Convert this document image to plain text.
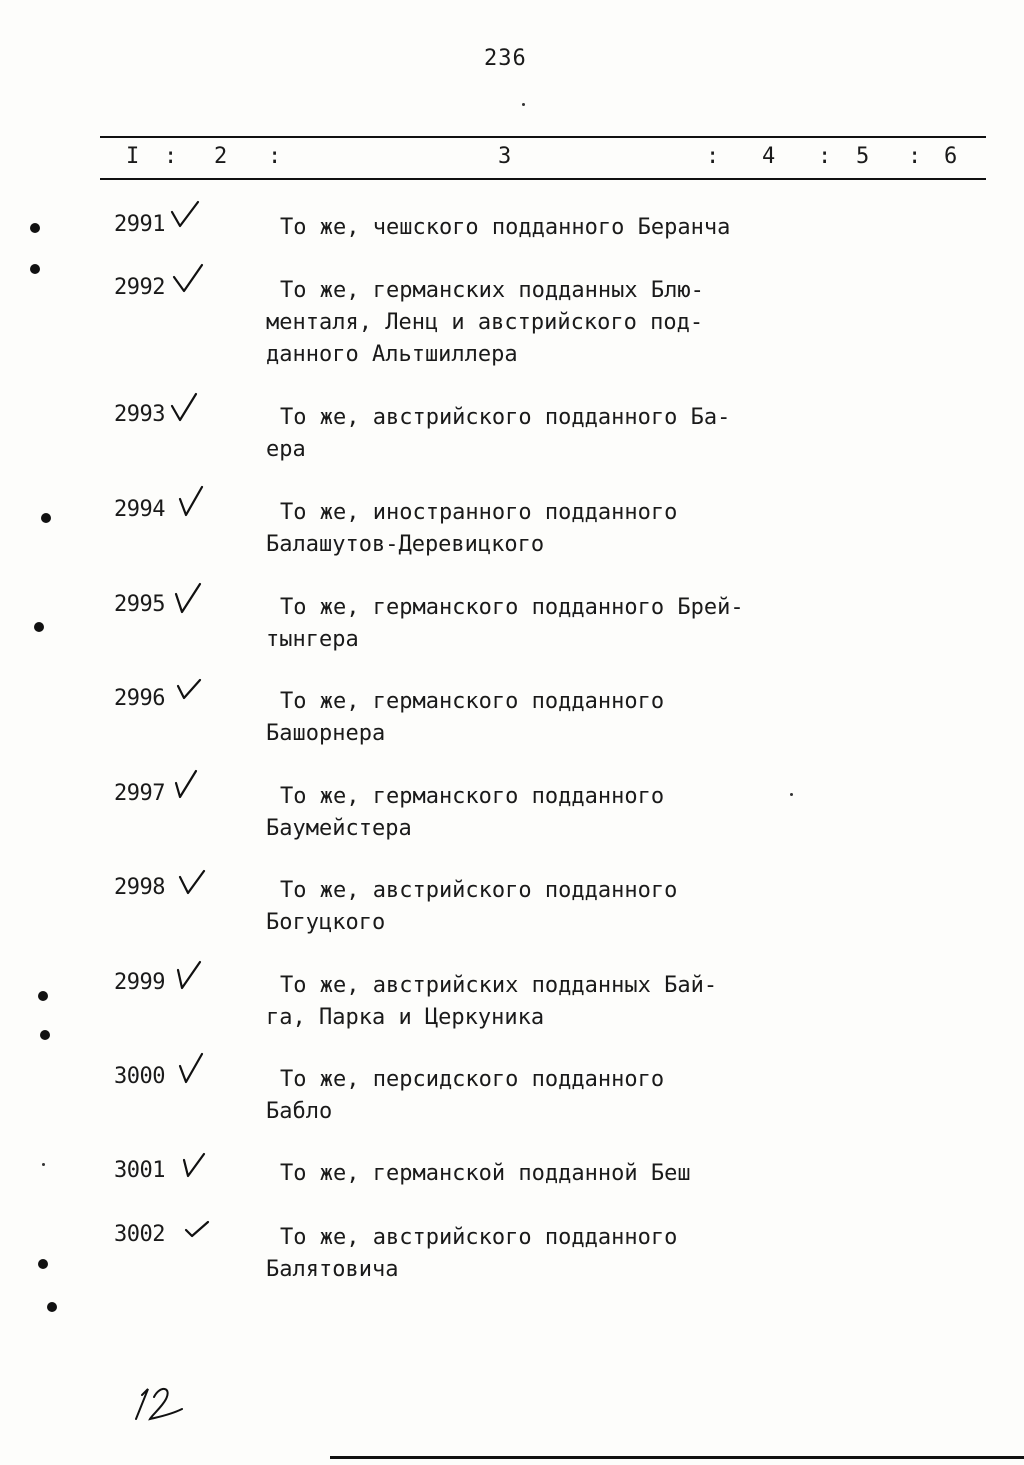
236
I : 2 :	3	: 4 : 5 : 6
2991	То же, чешского подданного Беранча
2992	То же, германских подданных Блю-
менталя, Ленц и австрийского под-
данного Альтшиллера
2993	То же, австрийского подданного Ба-
ера
2994	То же, иностранного подданного
Балашутов-Деревицкого
2995	То же, германского подданного Брей-
тынгера
2996	То же, германского подданного
Башорнера
2997	То же, германского подданного
Баумейстера
2998	То же, австрийского подданного
Богуцкого
2999	То же, австрийских подданных Бай-
га, Парка и Церкуника
3000	То же, персидского подданного
Бабло
3001	То же, германской подданной Беш
3002	То же, австрийского подданного
Балятовича
